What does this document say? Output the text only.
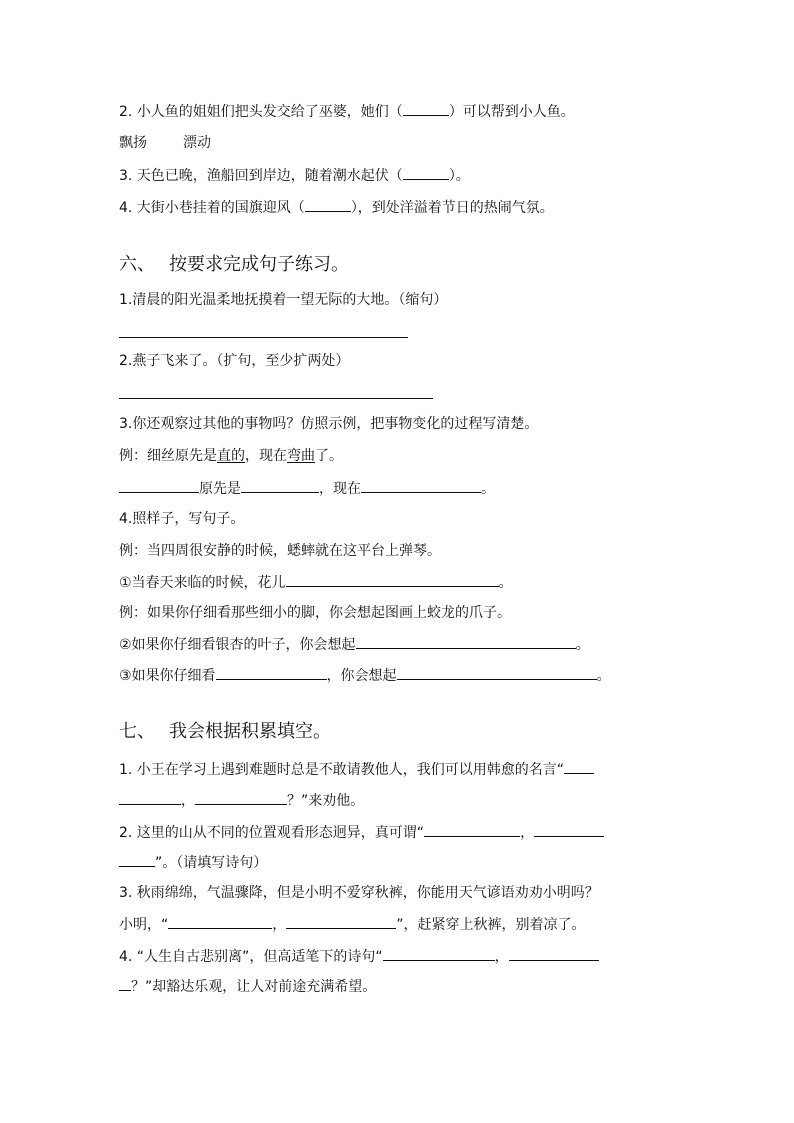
2. 小人鱼的姐姐们把头发交给了巫婆，她们（	）可以帮到小人鱼。
飘扬	漂动
3. 天色已晚，渔船回到岸边，随着潮水起伏（	）。
4. 大街小巷挂着的国旗迎风（	），到处洋溢着节日的热闹气氛。
六、 按要求完成句子练习。
1.清晨的阳光温柔地抚摸着一望无际的大地。（缩句）
2.燕子飞来了。（扩句，至少扩两处）
3.你还观察过其他的事物吗？仿照示例，把事物变化的过程写清楚。
例：细丝原先是直的，现在弯曲了。
原先是	，现在	。
4.照样子，写句子。
例：当四周很安静的时候，蟋蟀就在这平台上弹琴。
①当春天来临的时候，花儿	。
例：如果你仔细看那些细小的脚，你会想起图画上蛟龙的爪子。
②如果你仔细看银杏的叶子，你会想起	。
③如果你仔细看	，你会想起	。
七、 我会根据积累填空。
1. 小王在学习上遇到难题时总是不敢请教他人，我们可以用韩愈的名言“
，	？”来劝他。
2. 这里的山从不同的位置观看形态迥异，真可谓“	，
”。（请填写诗句）
3. 秋雨绵绵，气温骤降，但是小明不爱穿秋裤，你能用天气谚语劝劝小明吗？
小明，“	，	”，赶紧穿上秋裤，别着凉了。
4. “人生自古悲别离”，但高适笔下的诗句“	，
？”却豁达乐观，让人对前途充满希望。
